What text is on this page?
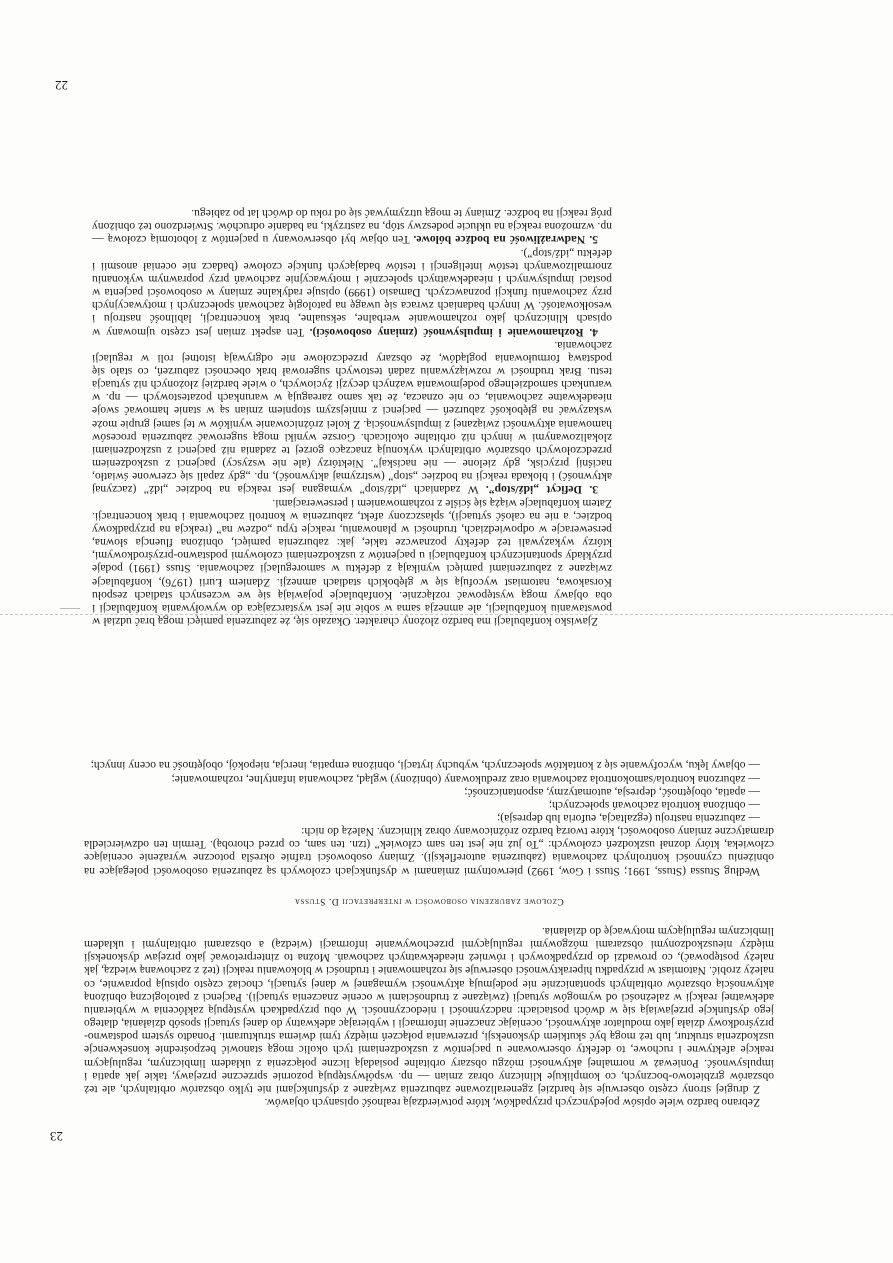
Zjawisko konfabulacji ma bardzo złożony charakter. Okazało się, że zaburzenia pamięci mogą brać udział w powstawaniu konfabulacji, ale amnezja sama w sobie nie jest wystarczająca do wywoływania konfabulacji i oba objawy mogą występować rozłącznie. Konfabulacje pojawiają się we wczesnych stadiach zespołu Korsakowa, natomiast wycofują się w głębokich stadiach amnezji. Zdaniem Łurii (1976), konfabulacje związane z zaburzeniami pamięci wynikają z defektu w samoregulacji zachowania. Stuss (1991) podaje przykłady spontanicznych konfabulacji u pacjentów z uszkodzeniami czołowymi podstawno-przyśrodkowymi, którzy wykazywali też defekty poznawcze takie, jak: zaburzenia pamięci, obniżona fluencja słowna, perseweracje w odpowiedziach, trudności w planowaniu, reakcje typu „odzew na” (reakcja na przypadkowy bodziec, a nie na całość sytuacji), spłaszczony afekt, zaburzenia w kontroli zachowania i brak koncentracji. Zatem konfabulacje wiążą się ściśle z rozhamowaniem i perseweracjami.

3. Deficyt „idź/stop”. W zadaniach „idź/stop” wymagana jest reakcja na bodziec „idź” (zaczynaj aktywność) i blokada reakcji na bodziec „stop” (wstrzymaj aktywność), np. „gdy zapali się czerwone światło, naciśnij przycisk, gdy zielone — nie naciskaj”. Niektórzy (ale nie wszyscy) pacjenci z uszkodzeniem przedczołowych obszarów orbitalnych wykonują znacząco gorzej te zadania niż pacjenci z uszkodzeniami zlokalizowanymi w innych niż orbitalne okolicach. Gorsze wyniki mogą sugerować zaburzenia procesów hamowania aktywności związanej z impulsywnością. Z kolei zróżnicowanie wyników w tej samej grupie może wskazywać na głębokość zaburzeń — pacjenci z mniejszym stopniem zmian są w stanie hamować swoje nieadekwatne zachowania, co nie oznacza, że tak samo zareagują w warunkach pozatestowych — np. w warunkach samodzielnego podejmowania ważnych decyzji życiowych, o wiele bardziej złożonych niż sytuacja testu. Brak trudności w rozwiązywaniu zadań testowych sugerował brak obecności zaburzeń, co stało się podstawą formułowania poglądów, że obszary przedczołowe nie odgrywają istotnej roli w regulacji zachowania.

4. Rozhamowanie i impulsywność (zmiany osobowości). Ten aspekt zmian jest często ujmowany w opisach klinicznych jako rozhamowanie werbalne, seksualne, brak koncentracji, labilność nastroju i wesołkowatość. W innych badaniach zwraca się uwagę na patologię zachowań społecznych i motywacyjnych przy zachowaniu funkcji poznawczych. Damasio (1999) opisuje radykalne zmiany w osobowości pacjenta w postaci impulsywnych i nieadekwatnych społecznie i motywacyjnie zachowań przy poprawnym wykonaniu znormalizowanych testów inteligencji i testów badających funkcje czołowe (badacz nie oceniał anosmii i defektu „idź/stop”).

5. Nadwrażliwość na bodźce bólowe. Ten objaw był obserwowany u pacjentów z lobotomią czołową — np. wzmożona reakcja na ukłucie podeszwy stóp, na zastrzyki, na badanie odruchów. Stwierdzono też obniżony próg reakcji na bodźce. Zmiany te mogą utrzymywać się od roku do dwóch lat po zabiegu.

22

Zebrano bardzo wiele opisów pojedynczych przypadków, które potwierdzają realność opisanych objawów.

Z drugiej strony często obserwuje się bardziej zgeneralizowane zaburzenia związane z dysfunkcjami nie tylko obszarów orbitalnych, ale też obszarów grzbietowo-bocznych, co komplikuje kliniczny obraz zmian — np. współwystępują pozornie sprzeczne przejawy, takie jak apatia i impulsywność. Ponieważ w normalnej aktywności mózgu obszary orbitalne posiadają liczne połączenia z układem limbicznym, regulującym reakcje afektywne i ruchowe, to defekty obserwowane u pacjentów z uszkodzeniami tych okolic mogą stanowić bezpośrednie konsekwencje uszkodzenia struktur, lub też mogą być skutkiem dyskoneksji, przerwania połączeń między tymi dwiema strukturami. Ponadto system podstawno-przyśrodkowy działa jako modulator aktywności, oceniając znaczenie informacji i wybierając adekwatny do danej sytuacji sposób działania, dlatego jego dysfunkcje przejawiają się w dwóch postaciach: nadczynności i niedoczynności. W obu przypadkach występują zakłócenia w wybieraniu adekwatnej reakcji w zależności od wymogów sytuacji (związane z trudnościami w ocenie znaczenia sytuacji). Pacjenci z patologiczną obniżoną aktywnością obszarów orbitalnych spontanicznie nie podejmują aktywności wymaganej w danej sytuacji, chociaż często opisują poprawnie, co należy zrobić. Natomiast w przypadku hiperaktywności obserwuje się rozhamowanie i trudności w blokowaniu reakcji (też z zachowaną wiedzą, jak należy postępować), co prowadzi do przypadkowych i również nieadekwatnych zachowań. Można to zinterpretować jako przejaw dyskoneksji między nieuszkodzonymi obszarami mózgowymi regulującymi przechowywanie informacji (wiedzą) a obszarami orbitalnymi i układem limbicznym regulującym motywację do działania.

Czołowe zaburzenia osobowości w interpretacji D. Stussa

Według Stussa (Stuss, 1991; Stuss i Gow, 1992) pierwotnymi zmianami w dysfunkcjach czołowych są zaburzenia osobowości polegające na obniżeniu czynności kontrolnych zachowania (zaburzenia autorefleksji). Zmiany osobowości trafnie określa potoczne wyrażenie oceniające człowieka, który doznał uszkodzeń czołowych: „To już nie jest ten sam człowiek” (tzn. ten sam, co przed chorobą). Termin ten odzwierciedla dramatyczne zmiany osobowości, które tworzą bardzo zróżnicowany obraz kliniczny. Należą do nich:

— zaburzenia nastroju (egzaltacja, euforia lub depresja);

— obniżona kontrola zachowań społecznych;

— apatia, obojętność, depresja, automatyzmy, aspontaniczność;

— zaburzona kontrola/samokontrola zachowania oraz zredukowany (obniżony) wgląd, zachowania infantylne, rozhamowanie;

— objawy lęku, wycofywanie się z kontaktów społecznych, wybuchy irytacji, obniżona empatia, inercja, niepokój, obojętność na oceny innych;

23
